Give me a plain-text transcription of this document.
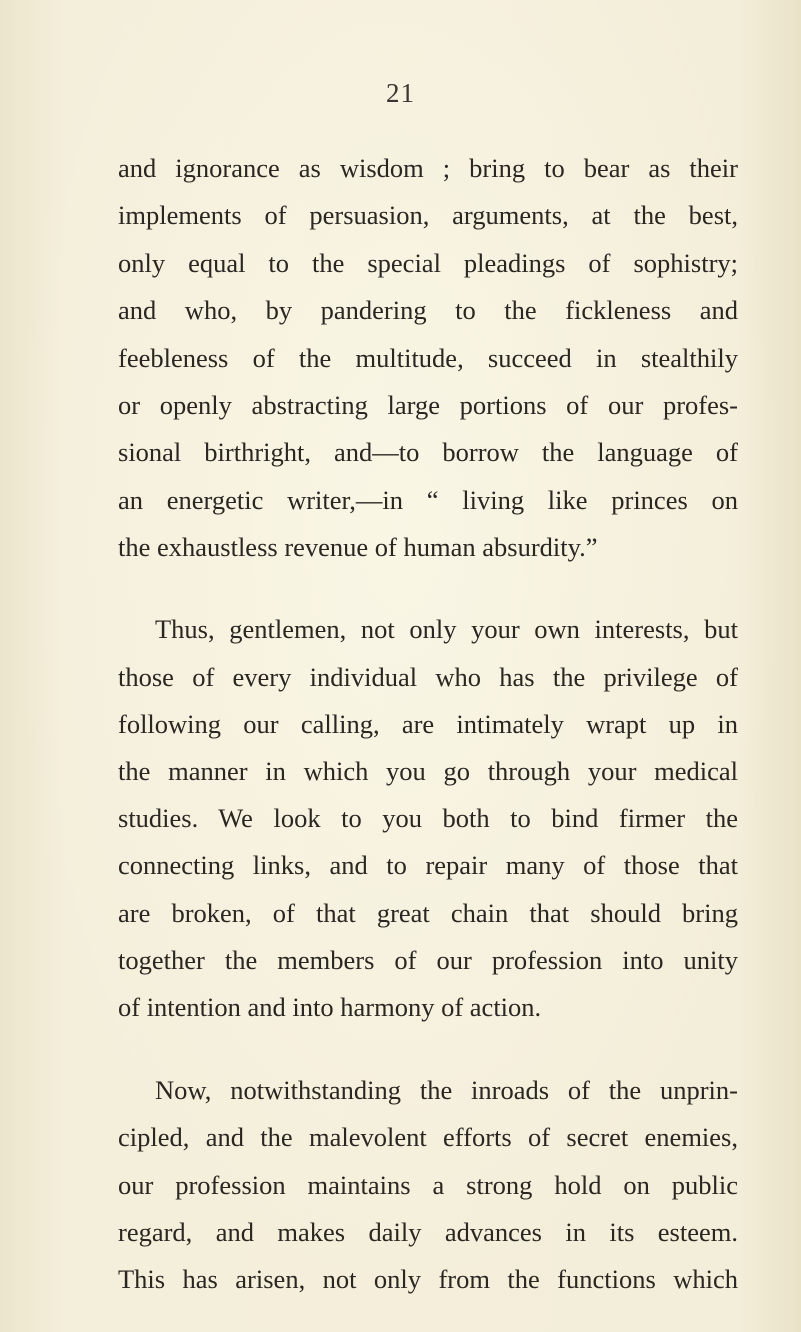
21
and ignorance as wisdom ; bring to bear as their
implements of persuasion, arguments, at the best,
only equal to the special pleadings of sophistry;
and who, by pandering to the fickleness and
feebleness of the multitude, succeed in stealthily
or openly abstracting large portions of our profes-
sional birthright, and—to borrow the language of
an energetic writer,—in “ living like princes on
the exhaustless revenue of human absurdity.”
Thus, gentlemen, not only your own interests, but
those of every individual who has the privilege of
following our calling, are intimately wrapt up in
the manner in which you go through your medical
studies. We look to you both to bind firmer the
connecting links, and to repair many of those that
are broken, of that great chain that should bring
together the members of our profession into unity
of intention and into harmony of action.
Now, notwithstanding the inroads of the unprin-
cipled, and the malevolent efforts of secret enemies,
our profession maintains a strong hold on public
regard, and makes daily advances in its esteem.
This has arisen, not only from the functions which
